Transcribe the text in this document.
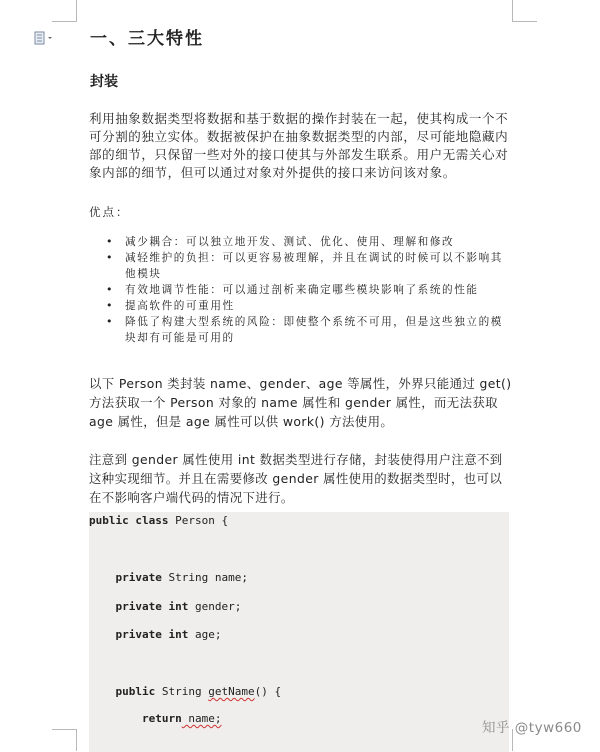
一、三大特性
封装
利用抽象数据类型将数据和基于数据的操作封装在一起，使其构成一个不可分割的独立实体。数据被保护在抽象数据类型的内部，尽可能地隐藏内部的细节，只保留一些对外的接口使其与外部发生联系。用户无需关心对象内部的细节，但可以通过对象对外提供的接口来访问该对象。
优点：
• 减少耦合：可以独立地开发、测试、优化、使用、理解和修改
• 减轻维护的负担：可以更容易被理解，并且在调试的时候可以不影响其他模块
• 有效地调节性能：可以通过剖析来确定哪些模块影响了系统的性能
• 提高软件的可重用性
• 降低了构建大型系统的风险：即使整个系统不可用，但是这些独立的模块却有可能是可用的
以下 Person 类封装 name、gender、age 等属性，外界只能通过 get() 方法获取一个 Person 对象的 name 属性和 gender 属性，而无法获取 age 属性，但是 age 属性可以供 work() 方法使用。
注意到 gender 属性使用 int 数据类型进行存储，封装使得用户注意不到这种实现细节。并且在需要修改 gender 属性使用的数据类型时，也可以在不影响客户端代码的情况下进行。
public class Person {
private String name;
private int gender;
private int age;
public String getName() {
return name;
知乎 @tyw660
